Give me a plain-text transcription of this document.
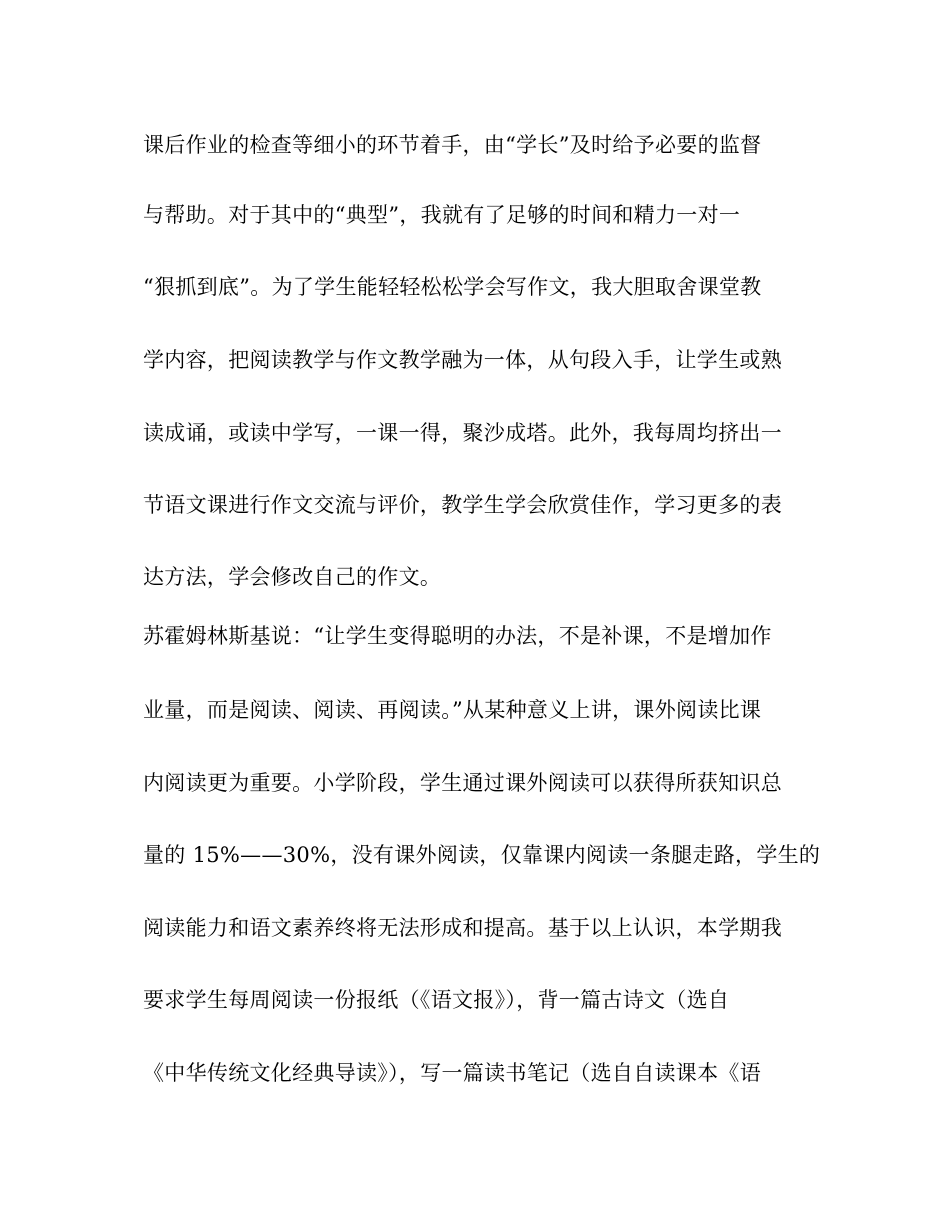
课后作业的检查等细小的环节着手，由“学长”及时给予必要的监督
与帮助。对于其中的“典型”，我就有了足够的时间和精力一对一
“狠抓到底”。为了学生能轻轻松松学会写作文，我大胆取舍课堂教
学内容，把阅读教学与作文教学融为一体，从句段入手，让学生或熟
读成诵，或读中学写，一课一得，聚沙成塔。此外，我每周均挤出一
节语文课进行作文交流与评价，教学生学会欣赏佳作，学习更多的表
达方法，学会修改自己的作文。
苏霍姆林斯基说：“让学生变得聪明的办法，不是补课，不是增加作
业量，而是阅读、阅读、再阅读。”从某种意义上讲，课外阅读比课
内阅读更为重要。小学阶段，学生通过课外阅读可以获得所获知识总
量的 15%——30%，没有课外阅读，仅靠课内阅读一条腿走路，学生的
阅读能力和语文素养终将无法形成和提高。基于以上认识，本学期我
要求学生每周阅读一份报纸（《语文报》），背一篇古诗文（选自
《中华传统文化经典导读》），写一篇读书笔记（选自自读课本《语
